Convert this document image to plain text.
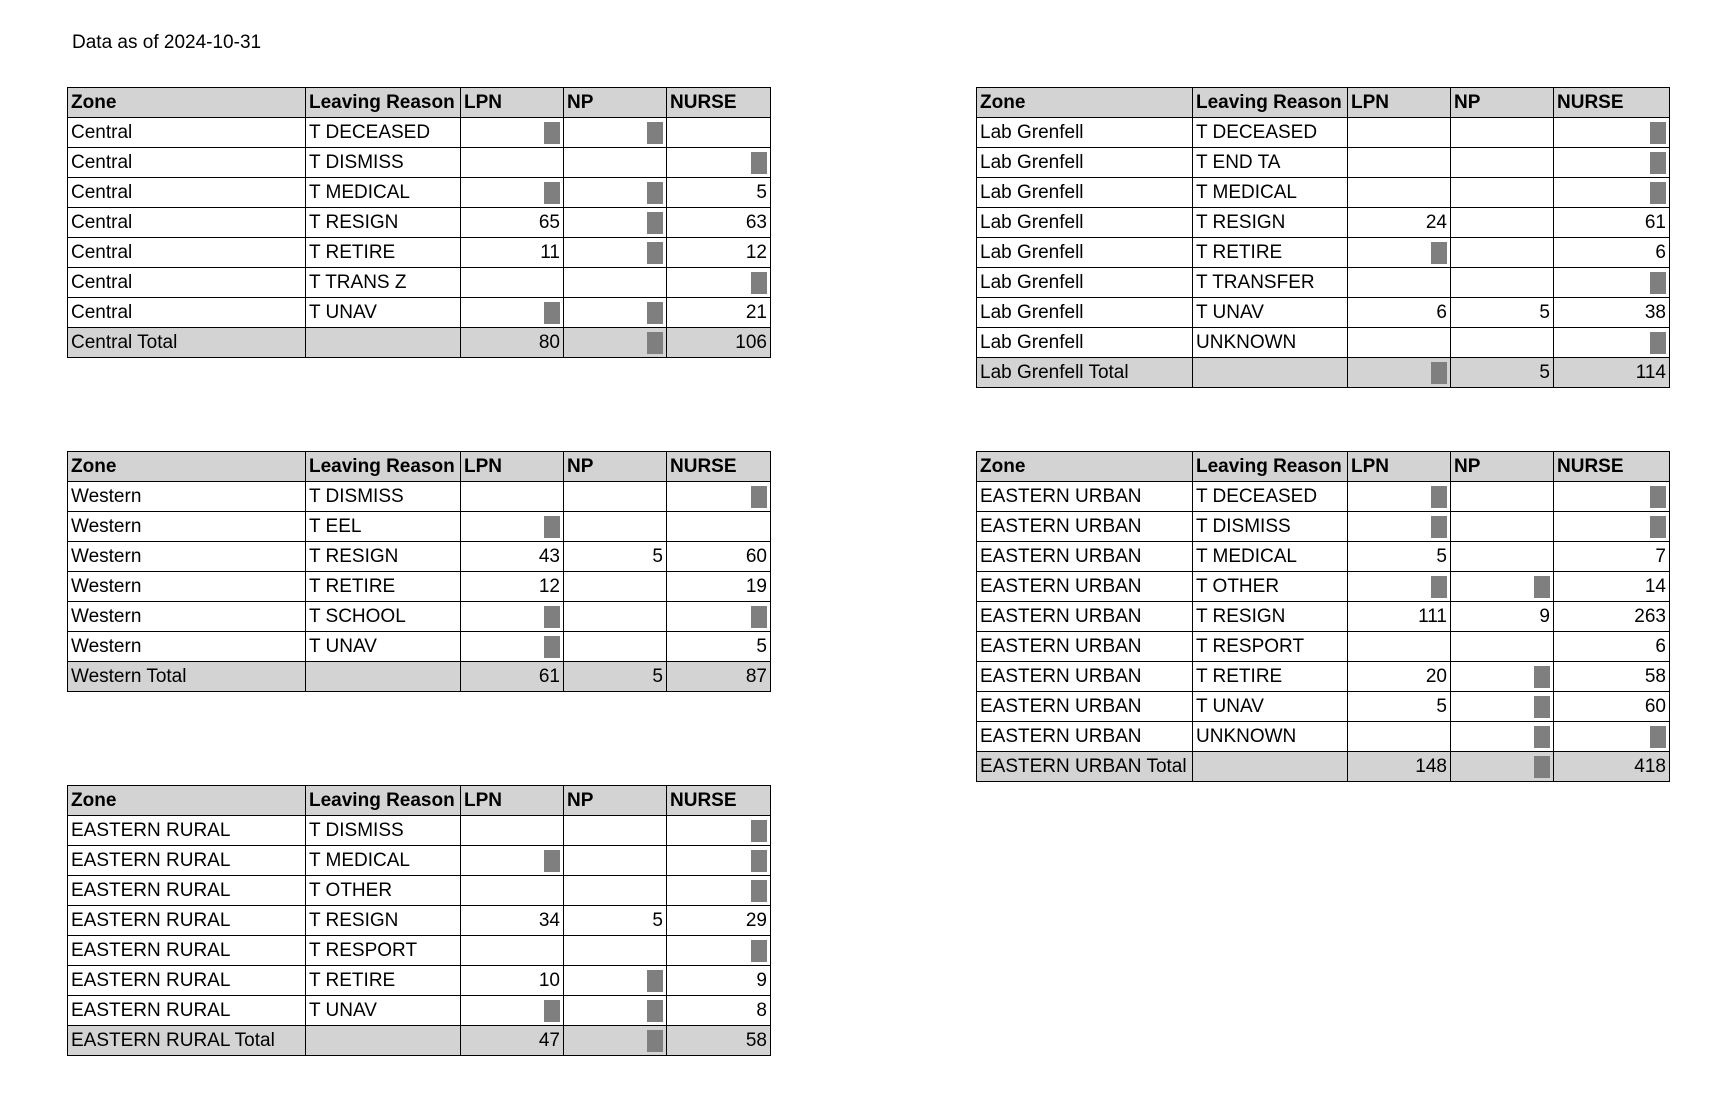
Data as of 2024-10-31
Zone	Leaving Reason	LPN	NP	NURSE
Central	T DECEASED			
Central	T DISMISS			
Central	T MEDICAL			5
Central	T RESIGN	65		63
Central	T RETIRE	11		12
Central	T TRANS Z			
Central	T UNAV			21
Central Total		80		106
Zone	Leaving Reason	LPN	NP	NURSE
Lab Grenfell	T DECEASED			
Lab Grenfell	T END TA			
Lab Grenfell	T MEDICAL			
Lab Grenfell	T RESIGN	24		61
Lab Grenfell	T RETIRE			6
Lab Grenfell	T TRANSFER			
Lab Grenfell	T UNAV	6	5	38
Lab Grenfell	UNKNOWN			
Lab Grenfell Total			5	114
Zone	Leaving Reason	LPN	NP	NURSE
Western	T DISMISS			
Western	T EEL			
Western	T RESIGN	43	5	60
Western	T RETIRE	12		19
Western	T SCHOOL			
Western	T UNAV			5
Western Total		61	5	87
Zone	Leaving Reason	LPN	NP	NURSE
EASTERN URBAN	T DECEASED			
EASTERN URBAN	T DISMISS			
EASTERN URBAN	T MEDICAL	5		7
EASTERN URBAN	T OTHER			14
EASTERN URBAN	T RESIGN	111	9	263
EASTERN URBAN	T RESPORT			6
EASTERN URBAN	T RETIRE	20		58
EASTERN URBAN	T UNAV	5		60
EASTERN URBAN	UNKNOWN			
EASTERN URBAN Total		148		418
Zone	Leaving Reason	LPN	NP	NURSE
EASTERN RURAL	T DISMISS			
EASTERN RURAL	T MEDICAL			
EASTERN RURAL	T OTHER			
EASTERN RURAL	T RESIGN	34	5	29
EASTERN RURAL	T RESPORT			
EASTERN RURAL	T RETIRE	10		9
EASTERN RURAL	T UNAV			8
EASTERN RURAL Total		47		58
